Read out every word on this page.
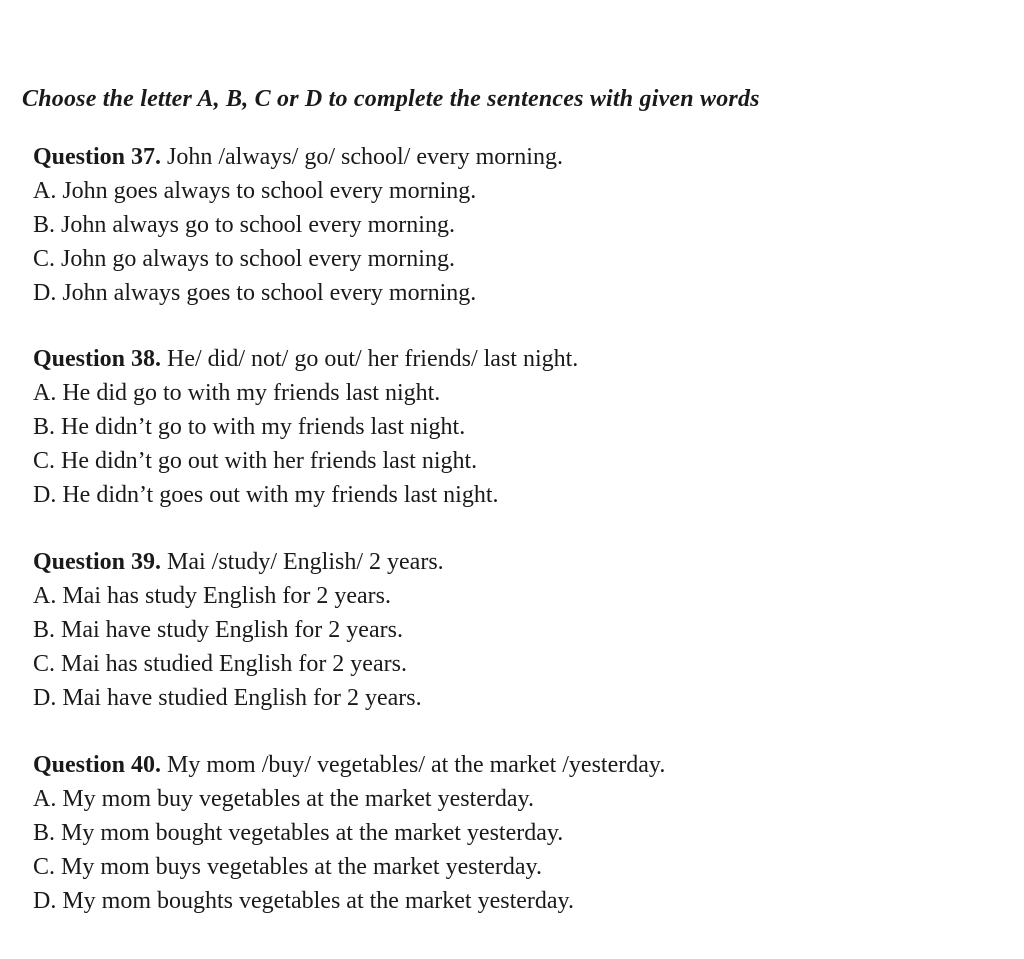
Choose the letter A, B, C or D to complete the sentences with given words
Question 37. John /always/ go/ school/ every morning.
A. John goes always to school every morning.
B. John always go to school every morning.
C. John go always to school every morning.
D. John always goes to school every morning.
Question 38. He/ did/ not/ go out/ her friends/ last night.
A. He did go to with my friends last night.
B. He didn’t go to with my friends last night.
C. He didn’t go out with her friends last night.
D. He didn’t goes out with my friends last night.
Question 39. Mai /study/ English/ 2 years.
A. Mai has study English for 2 years.
B. Mai have study English for 2 years.
C. Mai has studied English for 2 years.
D. Mai have studied English for 2 years.
Question 40. My mom /buy/ vegetables/ at the market /yesterday.
A. My mom buy vegetables at the market yesterday.
B. My mom bought vegetables at the market yesterday.
C. My mom buys vegetables at the market yesterday.
D. My mom boughts vegetables at the market yesterday.
